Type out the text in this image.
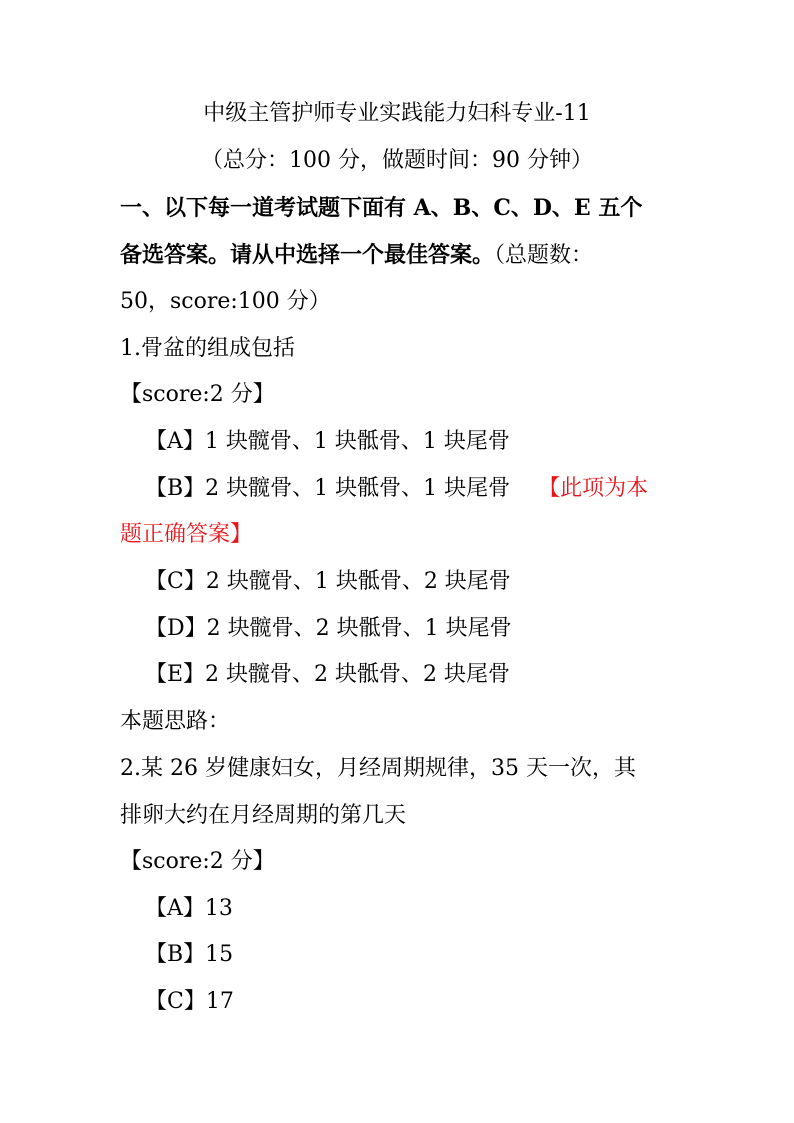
中级主管护师专业实践能力妇科专业-11
（总分：100 分，做题时间：90 分钟）
一、以下每一道考试题下面有 A、B、C、D、E 五个
备选答案。请从中选择一个最佳答案。（总题数：
50，score:100 分）
1.骨盆的组成包括
【score:2 分】
【A】1 块髋骨、1 块骶骨、1 块尾骨
【B】2 块髋骨、1 块骶骨、1 块尾骨 【此项为本
题正确答案】
【C】2 块髋骨、1 块骶骨、2 块尾骨
【D】2 块髋骨、2 块骶骨、1 块尾骨
【E】2 块髋骨、2 块骶骨、2 块尾骨
本题思路：
2.某 26 岁健康妇女，月经周期规律，35 天一次，其
排卵大约在月经周期的第几天
【score:2 分】
【A】13
【B】15
【C】17
